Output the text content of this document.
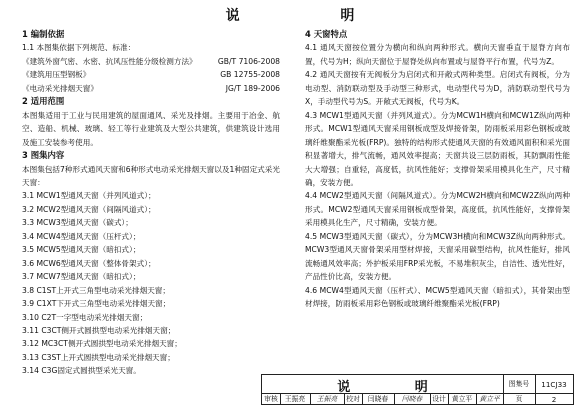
说 明
1 编制依据
1.1 本图集依据下列规范、标准：
《建筑外窗气密、水密、抗风压性能分级检测方法》	GB/T 7106-2008
《建筑用压型钢板》	GB 12755-2008
《电动采光排烟天窗》	JG/T 189-2006
2 适用范围
本图集适用于工业与民用建筑的屋面通风、采光及排烟。主要用于冶金、航空、造船、机械、玻璃、轻工等行业建筑及大型公共建筑，供建筑设计选用及施工安装参考使用。
3 图集内容
本图集包括7种形式通风天窗和6种形式电动采光排烟天窗以及1种固定式采光天窗：
3.1 MCW1型通风天窗（并列风道式）；
3.2 MCW2型通风天窗（间隔风道式）；
3.3 MCW3型通风天窗（碳式）；
3.4 MCW4型通风天窗（压杆式）；
3.5 MCW5型通风天窗（暗扣式）；
3.6 MCW6型通风天窗（整体骨架式）；
3.7 MCW7型通风天窗（暗扣式）；
3.8 C1ST上开式三角型电动采光排烟天窗；
3.9 C1XT下开式三角型电动采光排烟天窗；
3.10 C2T一字型电动采光排烟天窗；
3.11 C3CT侧开式圆拱型电动采光排烟天窗；
3.12 MC3CT侧开式圆拱型电动采光排烟天窗；
3.13 C3ST上开式圆拱型电动采光排烟天窗；
3.14 C3G固定式圆拱型采光天窗。
4 天窗特点
4.1 通风天窗按位置分为横向和纵向两种形式。横向天窗垂直于屋脊方向布置，代号为H；纵向天窗位于屋脊处纵向布置或与屋脊平行布置，代号为Z。
4.2 通风天窗按有无阀板分为启闭式和开敞式两种类型。启闭式有阀板，分为电动型、消防联动型及手动型三种形式，电动型代号为D，消防联动型代号为X，手动型代号为S。开敞式无阀板，代号为K。
4.3 MCW1型通风天窗（并列风道式）。分为MCW1H横向和MCW1Z纵向两种形式。MCW1型通风天窗采用钢板成型及焊接骨架，防雨板采用彩色钢板或玻璃纤维聚酯采光板(FRP)。独特的结构形式使通风天窗的有效通风面积和采光面积显著增大，排气流畅，通风效率提高；天窗共设三层防雨板，其防飘雨性能大大增强；自重轻，高度低，抗风性能好；支撑骨架采用模具化生产，尺寸精确，安装方便。
4.4 MCW2型通风天窗（间隔风道式）。分为MCW2H横向和MCW2Z纵向两种形式。MCW2型通风天窗采用钢板成型骨架，高度低，抗风性能好，支撑骨架采用模具化生产，尺寸精确，安装方便。
4.5 MCW3型通风天窗（碳式），分为MCW3H横向和MCW3Z纵向两种形式。MCW3型通风天窗骨架采用型材焊接，天窗采用碳型结构，抗风性能好，排风流畅通风效率高；外护板采用FRP采光板，不易堆积灰尘，自洁性、透光性好，产品性价比高，安装方便。
4.6 MCW4型通风天窗（压杆式）、MCW5型通风天窗（暗扣式），其骨架由型材焊接，防雨板采用彩色钢板或玻璃纤维聚酯采光板(FRP)
说 明	图集号	11CJ33
审核	王振亮	王振亮	校对	闫晓春	闫晓春	设计 黄立平	黄立平	页	2
